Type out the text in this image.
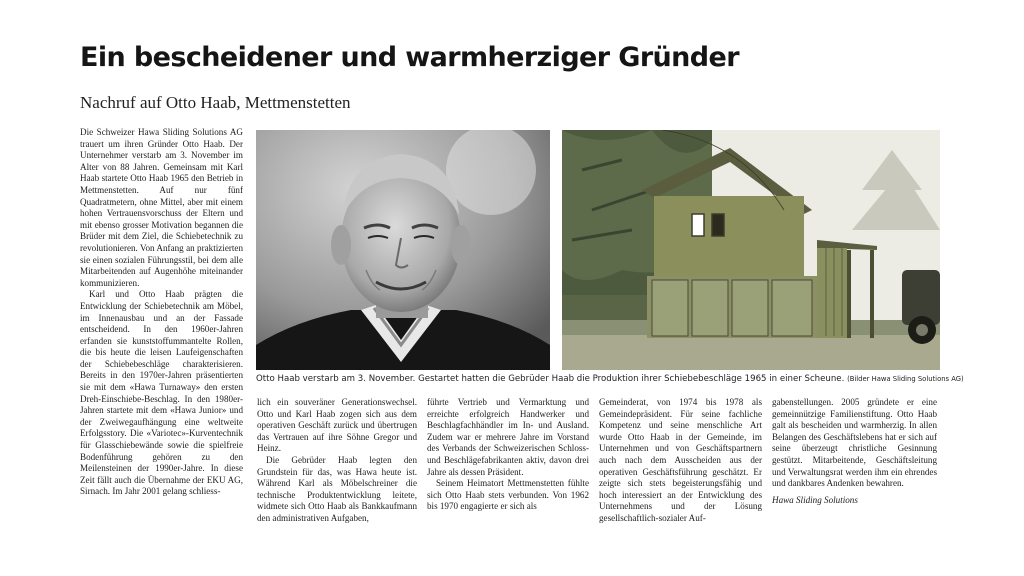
Ein bescheidener und warmherziger Gründer
Nachruf auf Otto Haab, Mettmenstetten

Die Schweizer Hawa Sliding Solutions AG trauert um ihren Gründer Otto Haab. Der Unternehmer verstarb am 3. November im Alter von 88 Jahren. Gemeinsam mit Karl Haab startete Otto Haab 1965 den Betrieb in Mettmenstetten. Auf nur fünf Quadratmetern, ohne Mittel, aber mit einem hohen Vertrauensvorschuss der Eltern und mit ebenso grosser Motivation begannen die Brüder mit dem Ziel, die Schiebetechnik zu revolutionieren. Von Anfang an praktizierten sie einen sozialen Führungsstil, bei dem alle Mitarbeitenden auf Augenhöhe miteinander kommunizieren.

Karl und Otto Haab prägten die Entwicklung der Schiebetechnik am Möbel, im Innenausbau und an der Fassade entscheidend. In den 1960er-Jahren erfanden sie kunststoffummantelte Rollen, die bis heute die leisen Laufeigenschaften der Schiebebeschläge charakterisieren. Bereits in den 1970er-Jahren präsentierten sie mit dem «Hawa Turnaway» den ersten Dreh-Einschiebe-Beschlag. In den 1980er-Jahren startete mit dem «Hawa Junior» und der Zweiwegaufhängung eine weltweite Erfolgsstory. Die «Variotec»-Kurventechnik für Glasschiebewände sowie die spielfreie Bodenführung gehören zu den Meilensteinen der 1990er-Jahre. In diese Zeit fällt auch die Übernahme der EKU AG, Sirnach. Im Jahr 2001 gelang schliess-

Otto Haab verstarb am 3. November. Gestartet hatten die Gebrüder Haab die Produktion ihrer Schiebebeschläge 1965 in einer Scheune. (Bilder Hawa Sliding Solutions AG)

lich ein souveräner Generationswechsel. Otto und Karl Haab zogen sich aus dem operativen Geschäft zurück und übertrugen das Vertrauen auf ihre Söhne Gregor und Heinz.

Die Gebrüder Haab legten den Grundstein für das, was Hawa heute ist. Während Karl als Möbelschreiner die technische Produktentwicklung leitete, widmete sich Otto Haab als Bankkaufmann den administrativen Aufgaben,

führte Vertrieb und Vermarktung und erreichte erfolgreich Handwerker und Beschlagfachhändler im In- und Ausland. Zudem war er mehrere Jahre im Vorstand des Verbands der Schweizerischen Schloss- und Beschlägefabrikanten aktiv, davon drei Jahre als dessen Präsident.

Seinem Heimatort Mettmenstetten fühlte sich Otto Haab stets verbunden. Von 1962 bis 1970 engagierte er sich als

Gemeinderat, von 1974 bis 1978 als Gemeindepräsident. Für seine fachliche Kompetenz und seine menschliche Art wurde Otto Haab in der Gemeinde, im Unternehmen und von Geschäftspartnern auch nach dem Ausscheiden aus der operativen Geschäftsführung geschätzt. Er zeigte sich stets begeisterungsfähig und hoch interessiert an der Entwicklung des Unternehmens und der Lösung gesellschaftlich-sozialer Auf-

gabenstellungen. 2005 gründete er eine gemeinnützige Familienstiftung. Otto Haab galt als bescheiden und warmherzig. In allen Belangen des Geschäftslebens hat er sich auf seine überzeugt christliche Gesinnung gestützt. Mitarbeitende, Geschäftsleitung und Verwaltungsrat werden ihm ein ehrendes und dankbares Andenken bewahren.

Hawa Sliding Solutions
